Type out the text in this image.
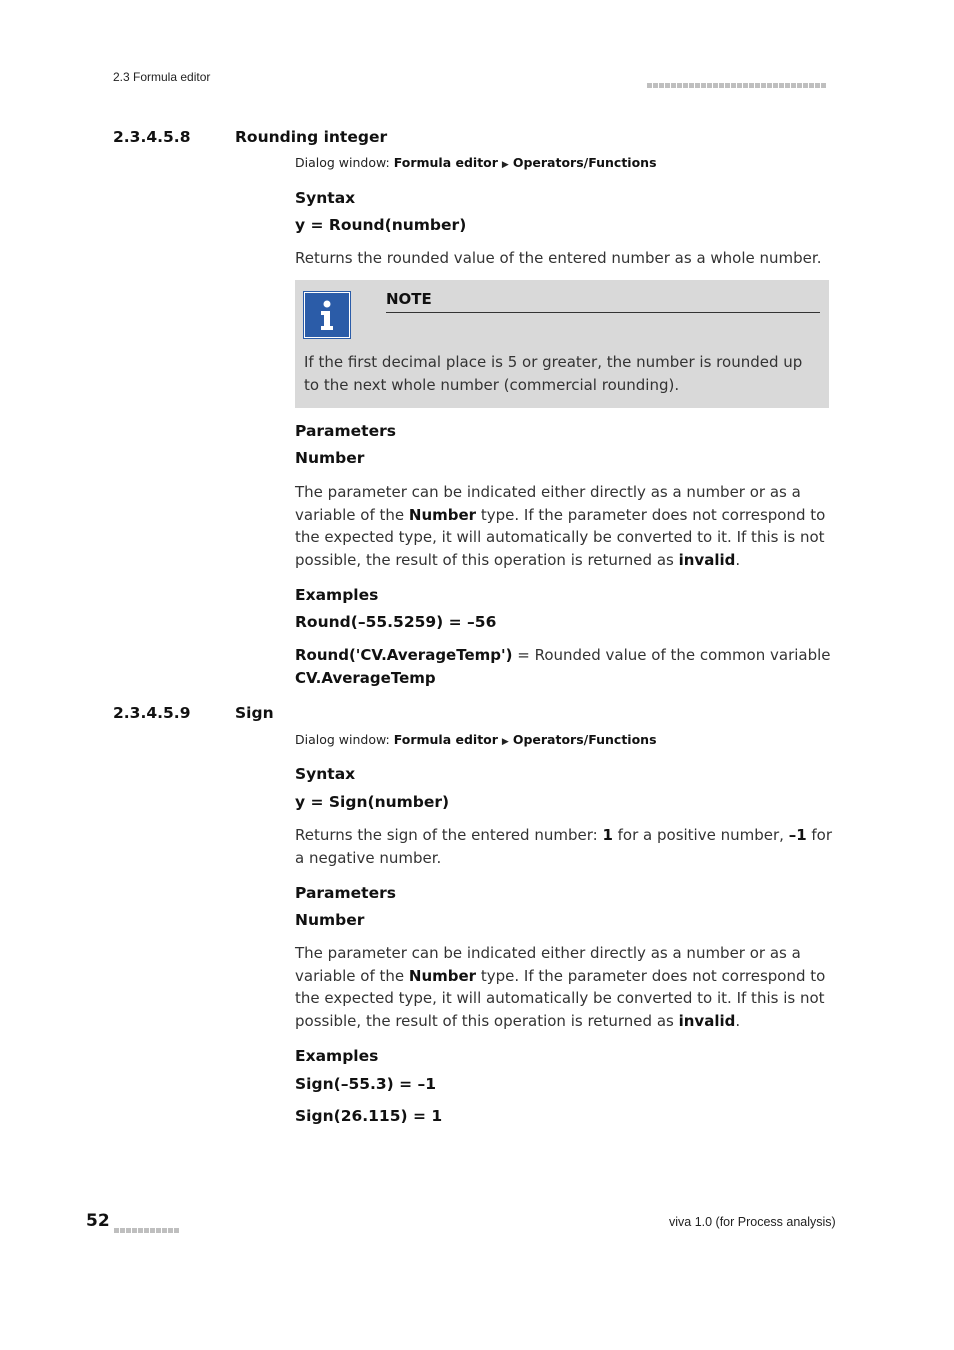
2.3 Formula editor
2.3.4.5.8	Rounding integer
Dialog window: Formula editor ▶ Operators/Functions
Syntax
y = Round(number)
Returns the rounded value of the entered number as a whole number.
NOTE
If the first decimal place is 5 or greater, the number is rounded up to the next whole number (commercial rounding).
Parameters
Number
The parameter can be indicated either directly as a number or as a variable of the Number type. If the parameter does not correspond to the expected type, it will automatically be converted to it. If this is not possible, the result of this operation is returned as invalid.
Examples
Round(–55.5259) = –56
Round('CV.AverageTemp') = Rounded value of the common variable CV.AverageTemp
2.3.4.5.9	Sign
Dialog window: Formula editor ▶ Operators/Functions
Syntax
y = Sign(number)
Returns the sign of the entered number: 1 for a positive number, –1 for a negative number.
Parameters
Number
The parameter can be indicated either directly as a number or as a variable of the Number type. If the parameter does not correspond to the expected type, it will automatically be converted to it. If this is not possible, the result of this operation is returned as invalid.
Examples
Sign(–55.3) = –1
Sign(26.115) = 1
52	viva 1.0 (for Process analysis)
